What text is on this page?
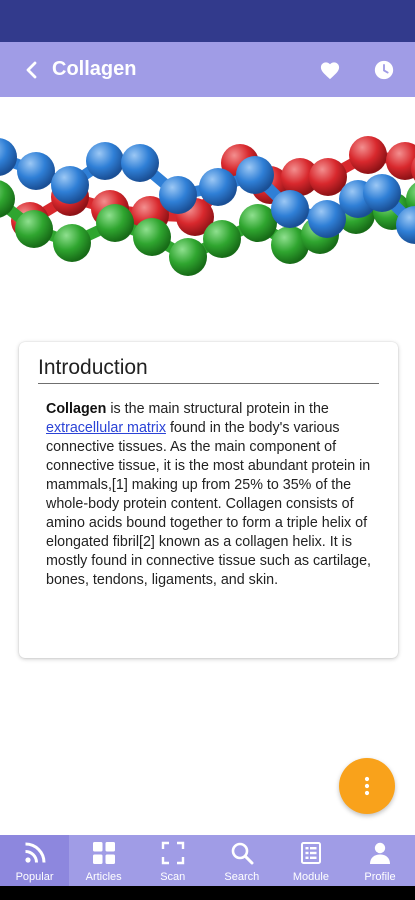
Collagen
Introduction
Collagen is the main structural protein in the extracellular matrix found in the body's various connective tissues. As the main component of connective tissue, it is the most abundant protein in mammals,[1] making up from 25% to 35% of the whole-body protein content. Collagen consists of amino acids bound together to form a triple helix of elongated fibril[2] known as a collagen helix. It is mostly found in connective tissue such as cartilage, bones, tendons, ligaments, and skin.
Popular	Articles	Scan	Search	Module	Profile
